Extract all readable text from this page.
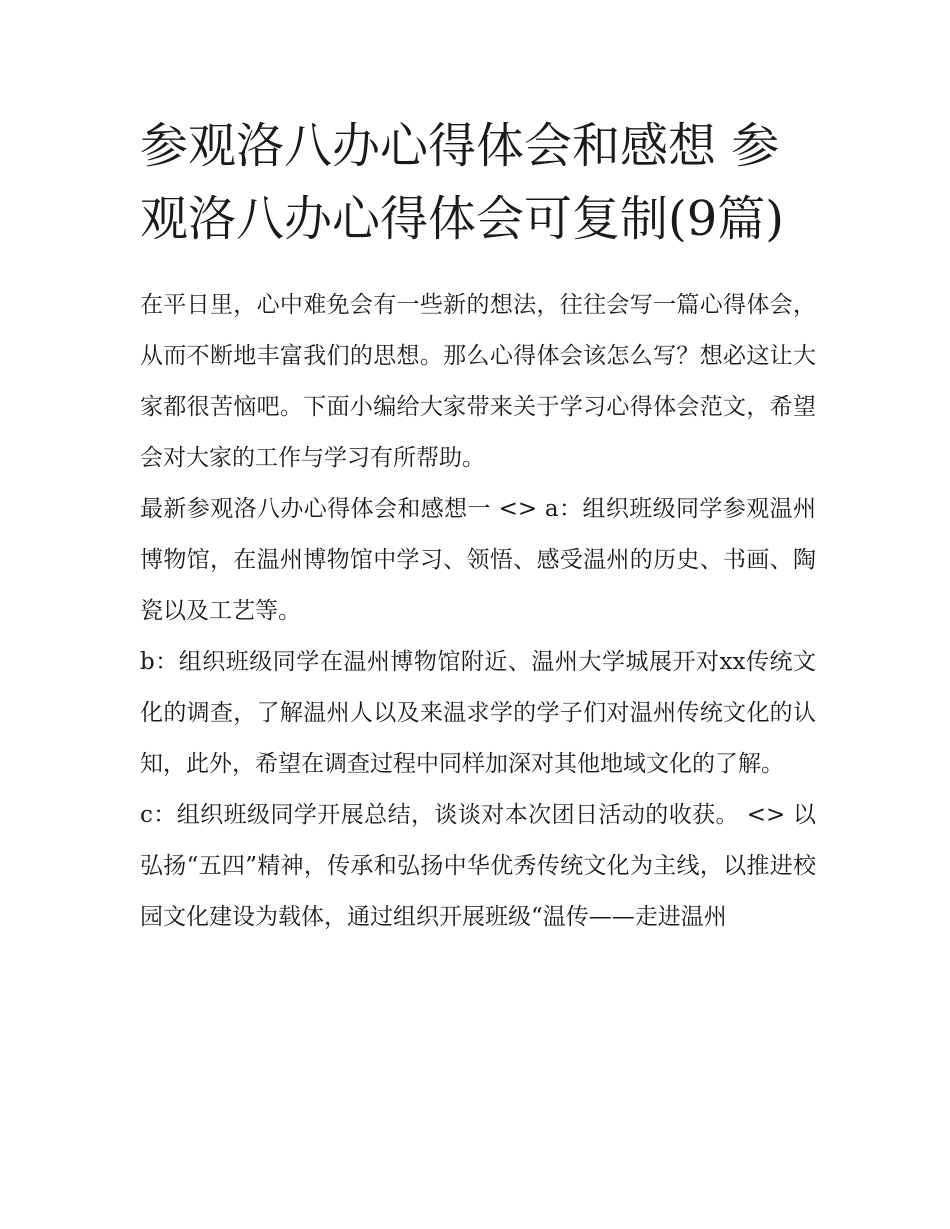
参观洛八办心得体会和感想 参观洛八办心得体会可复制(9篇)

在平日里，心中难免会有一些新的想法，往往会写一篇心得体会，从而不断地丰富我们的思想。那么心得体会该怎么写？想必这让大家都很苦恼吧。下面小编给大家带来关于学习心得体会范文，希望会对大家的工作与学习有所帮助。

最新参观洛八办心得体会和感想一 <> a：组织班级同学参观温州博物馆，在温州博物馆中学习、领悟、感受温州的历史、书画、陶瓷以及工艺等。

b：组织班级同学在温州博物馆附近、温州大学城展开对xx传统文化的调查，了解温州人以及来温求学的学子们对温州传统文化的认知，此外，希望在调查过程中同样加深对其他地域文化的了解。

c：组织班级同学开展总结，谈谈对本次团日活动的收获。 <> 以弘扬“五四”精神，传承和弘扬中华优秀传统文化为主线，以推进校园文化建设为载体，通过组织开展班级“温传——走进温州
